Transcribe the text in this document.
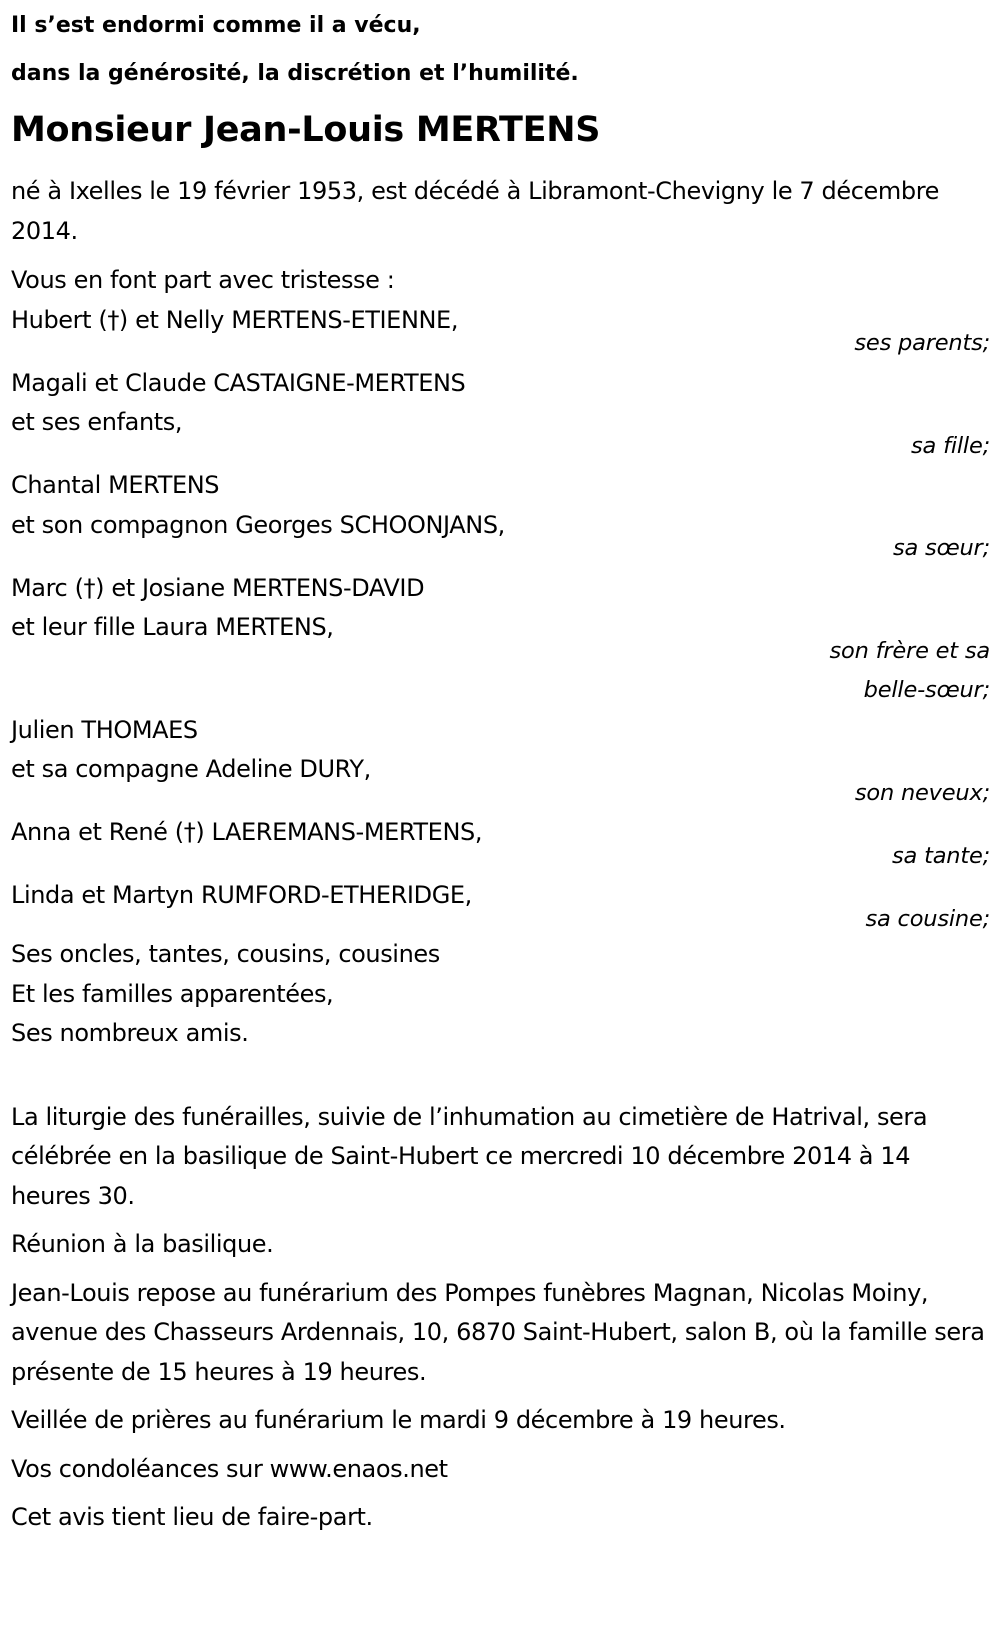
Il s’est endormi comme il a vécu,
dans la générosité, la discrétion et l’humilité.
Monsieur Jean-Louis MERTENS
né à Ixelles le 19 février 1953, est décédé à Libramont-Chevigny le 7 décembre 2014.
Vous en font part avec tristesse :
Hubert (†) et Nelly MERTENS-ETIENNE,
ses parents;
Magali et Claude CASTAIGNE-MERTENS
et ses enfants,
sa fille;
Chantal MERTENS
et son compagnon Georges SCHOONJANS,
sa sœur;
Marc (†) et Josiane MERTENS-DAVID
et leur fille Laura MERTENS,
son frère et sa
belle-sœur;
Julien THOMAES
et sa compagne Adeline DURY,
son neveux;
Anna et René (†) LAEREMANS-MERTENS,
sa tante;
Linda et Martyn RUMFORD-ETHERIDGE,
sa cousine;
Ses oncles, tantes, cousins, cousines
Et les familles apparentées,
Ses nombreux amis.
La liturgie des funérailles, suivie de l’inhumation au cimetière de Hatrival, sera célébrée en la basilique de Saint-Hubert ce mercredi 10 décembre 2014 à 14 heures 30.
Réunion à la basilique.
Jean-Louis repose au funérarium des Pompes funèbres Magnan, Nicolas Moiny, avenue des Chasseurs Ardennais, 10, 6870 Saint-Hubert, salon B, où la famille sera présente de 15 heures à 19 heures.
Veillée de prières au funérarium le mardi 9 décembre à 19 heures.
Vos condoléances sur www.enaos.net
Cet avis tient lieu de faire-part.
